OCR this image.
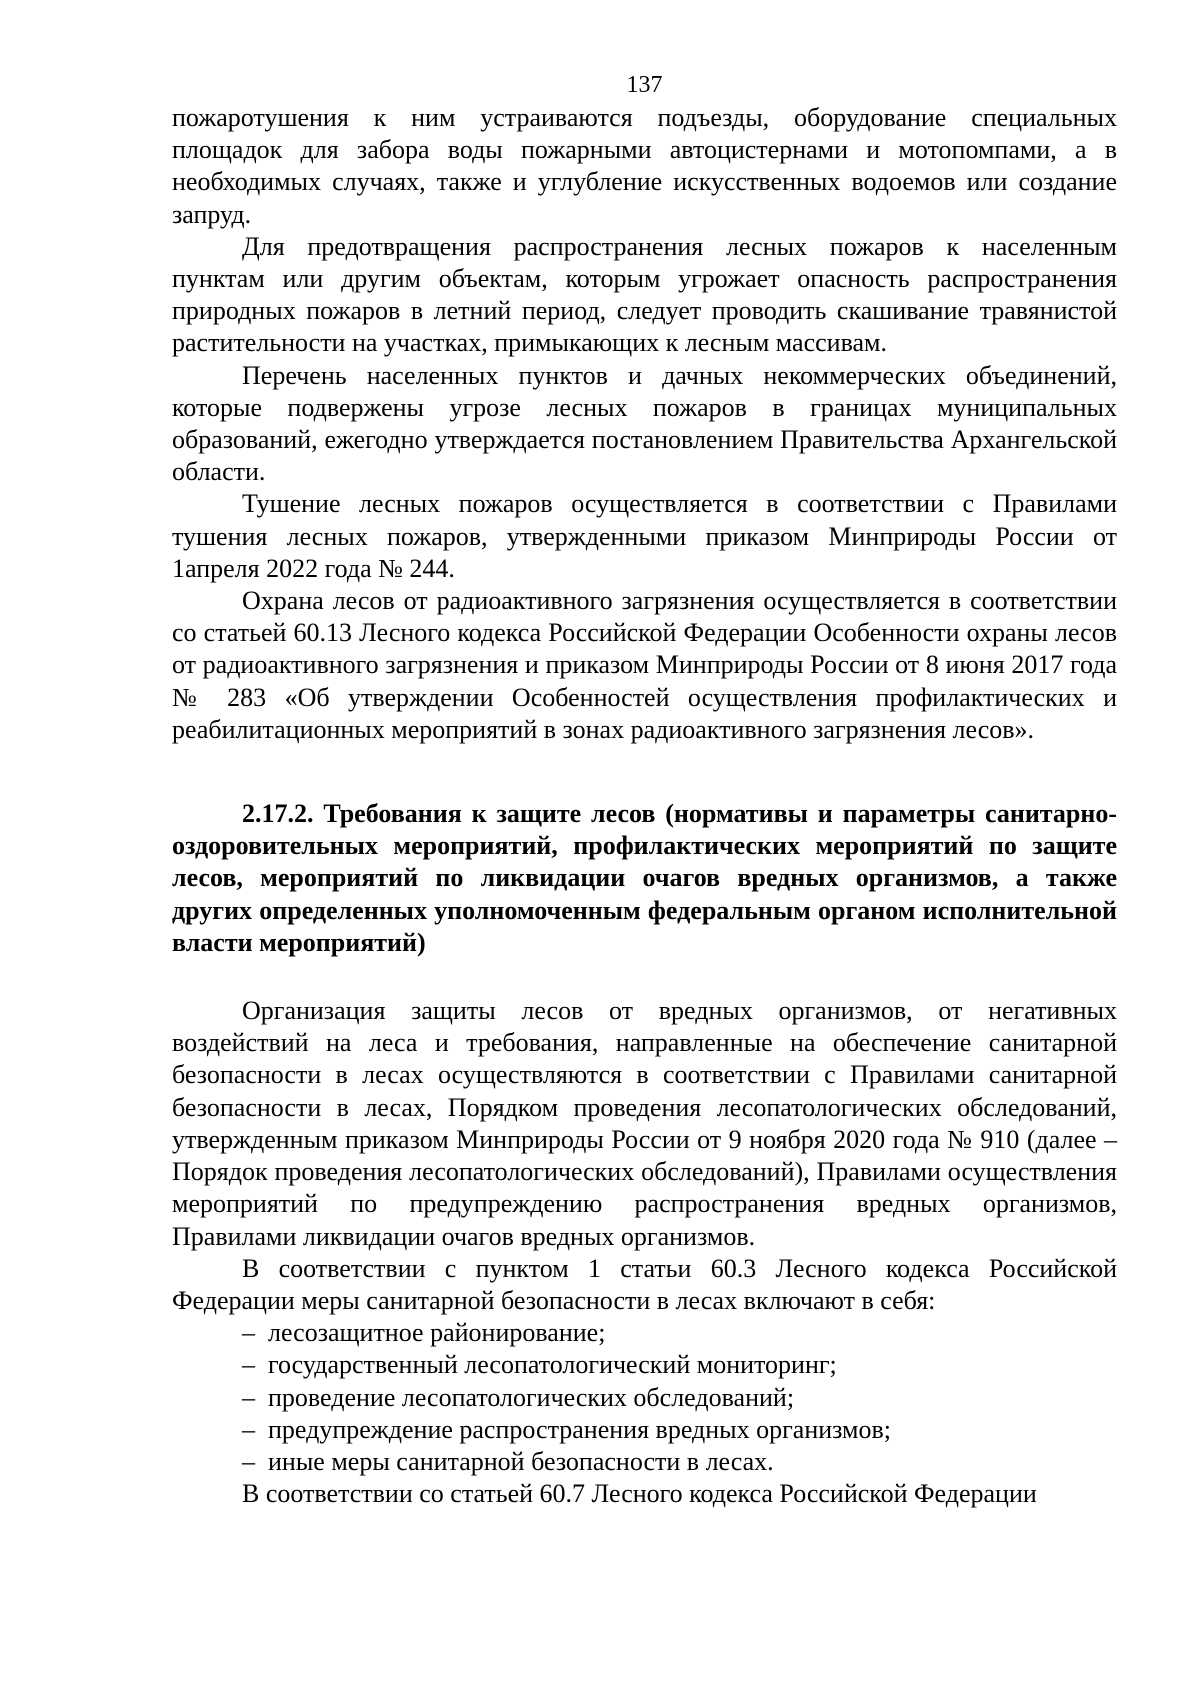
137

пожаротушения к ним устраиваются подъезды, оборудование специальных площадок для забора воды пожарными автоцистернами и мотопомпами, а в необходимых случаях, также и углубление искусственных водоемов или создание запруд.

Для предотвращения распространения лесных пожаров к населенным пунктам или другим объектам, которым угрожает опасность распространения природных пожаров в летний период, следует проводить скашивание травянистой растительности на участках, примыкающих к лесным массивам.

Перечень населенных пунктов и дачных некоммерческих объединений, которые подвержены угрозе лесных пожаров в границах муниципальных образований, ежегодно утверждается постановлением Правительства Архангельской области.

Тушение лесных пожаров осуществляется в соответствии с Правилами тушения лесных пожаров, утвержденными приказом Минприроды России от 1апреля 2022 года № 244.

Охрана лесов от радиоактивного загрязнения осуществляется в соответствии со статьей 60.13 Лесного кодекса Российской Федерации Особенности охраны лесов от радиоактивного загрязнения и приказом Минприроды России от 8 июня 2017 года № 283 «Об утверждении Особенностей осуществления профилактических и реабилитационных мероприятий в зонах радиоактивного загрязнения лесов».

2.17.2. Требования к защите лесов (нормативы и параметры санитарно-оздоровительных мероприятий, профилактических мероприятий по защите лесов, мероприятий по ликвидации очагов вредных организмов, а также других определенных уполномоченным федеральным органом исполнительной власти мероприятий)

Организация защиты лесов от вредных организмов, от негативных воздействий на леса и требования, направленные на обеспечение санитарной безопасности в лесах осуществляются в соответствии с Правилами санитарной безопасности в лесах, Порядком проведения лесопатологических обследований, утвержденным приказом Минприроды России от 9 ноября 2020 года № 910 (далее – Порядок проведения лесопатологических обследований), Правилами осуществления мероприятий по предупреждению распространения вредных организмов, Правилами ликвидации очагов вредных организмов.

В соответствии с пунктом 1 статьи 60.3 Лесного кодекса Российской Федерации меры санитарной безопасности в лесах включают в себя:

– лесозащитное районирование;
– государственный лесопатологический мониторинг;
– проведение лесопатологических обследований;
– предупреждение распространения вредных организмов;
– иные меры санитарной безопасности в лесах.

В соответствии со статьей 60.7 Лесного кодекса Российской Федерации
